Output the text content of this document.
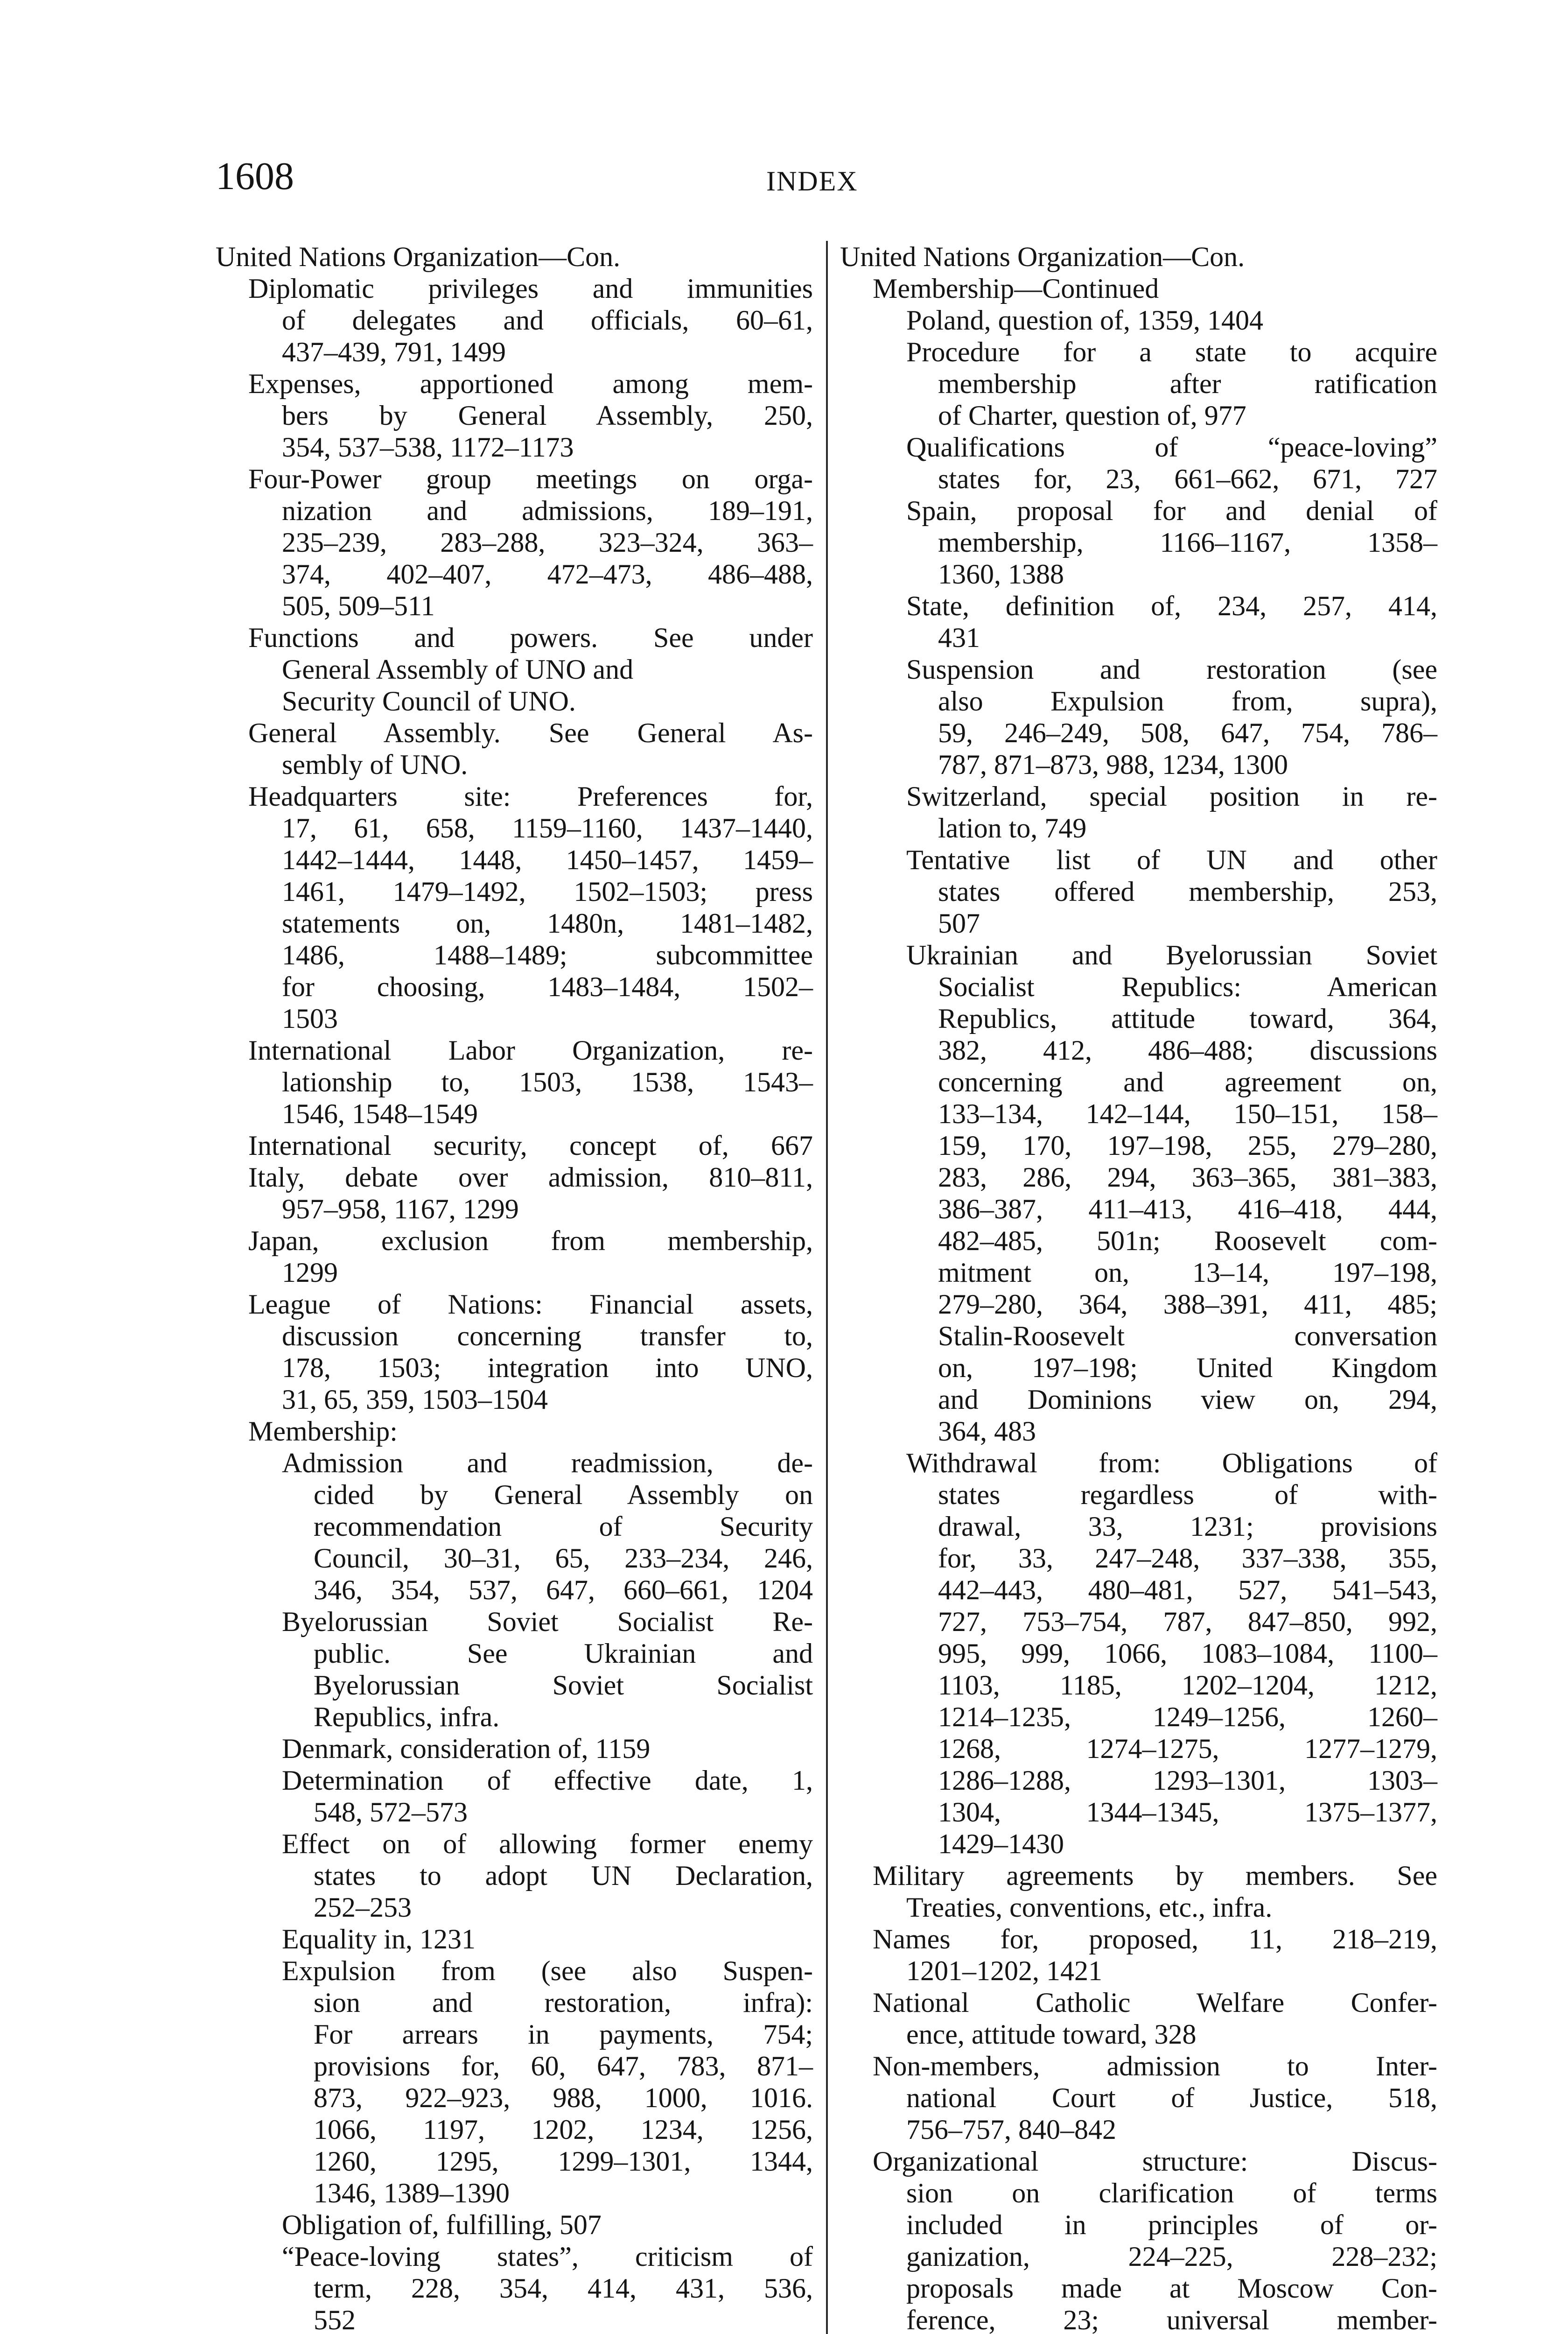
1608	INDEX
United Nations Organization—Con.
Diplomatic privileges and immunities
of delegates and officials, 60–61,
437–439, 791, 1499
Expenses, apportioned among mem-
bers by General Assembly, 250,
354, 537–538, 1172–1173
Four-Power group meetings on orga-
nization and admissions, 189–191,
235–239, 283–288, 323–324, 363–
374, 402–407, 472–473, 486–488,
505, 509–511
Functions and powers. See under
General Assembly of UNO and
Security Council of UNO.
General Assembly. See General As-
sembly of UNO.
Headquarters site: Preferences for,
17, 61, 658, 1159–1160, 1437–1440,
1442–1444, 1448, 1450–1457, 1459–
1461, 1479–1492, 1502–1503; press
statements on, 1480n, 1481–1482,
1486, 1488–1489; subcommittee
for choosing, 1483–1484, 1502–
1503
International Labor Organization, re-
lationship to, 1503, 1538, 1543–
1546, 1548–1549
International security, concept of, 667
Italy, debate over admission, 810–811,
957–958, 1167, 1299
Japan, exclusion from membership,
1299
League of Nations: Financial assets,
discussion concerning transfer to,
178, 1503; integration into UNO,
31, 65, 359, 1503–1504
Membership:
Admission and readmission, de-
cided by General Assembly on
recommendation of Security
Council, 30–31, 65, 233–234, 246,
346, 354, 537, 647, 660–661, 1204
Byelorussian Soviet Socialist Re-
public. See Ukrainian and
Byelorussian Soviet Socialist
Republics, infra.
Denmark, consideration of, 1159
Determination of effective date, 1,
548, 572–573
Effect on of allowing former enemy
states to adopt UN Declaration,
252–253
Equality in, 1231
Expulsion from (see also Suspen-
sion and restoration, infra):
For arrears in payments, 754;
provisions for, 60, 647, 783, 871–
873, 922–923, 988, 1000, 1016.
1066, 1197, 1202, 1234, 1256,
1260, 1295, 1299–1301, 1344,
1346, 1389–1390
Obligation of, fulfilling, 507
“Peace-loving states”, criticism of
term, 228, 354, 414, 431, 536,
552
United Nations Organization—Con.
Membership—Continued
Poland, question of, 1359, 1404
Procedure for a state to acquire
membership after ratification
of Charter, question of, 977
Qualifications of “peace-loving”
states for, 23, 661–662, 671, 727
Spain, proposal for and denial of
membership, 1166–1167, 1358–
1360, 1388
State, definition of, 234, 257, 414,
431
Suspension and restoration (see
also Expulsion from, supra),
59, 246–249, 508, 647, 754, 786–
787, 871–873, 988, 1234, 1300
Switzerland, special position in re-
lation to, 749
Tentative list of UN and other
states offered membership, 253,
507
Ukrainian and Byelorussian Soviet
Socialist Republics: American
Republics, attitude toward, 364,
382, 412, 486–488; discussions
concerning and agreement on,
133–134, 142–144, 150–151, 158–
159, 170, 197–198, 255, 279–280,
283, 286, 294, 363–365, 381–383,
386–387, 411–413, 416–418, 444,
482–485, 501n; Roosevelt com-
mitment on, 13–14, 197–198,
279–280, 364, 388–391, 411, 485;
Stalin-Roosevelt conversation
on, 197–198; United Kingdom
and Dominions view on, 294,
364, 483
Withdrawal from: Obligations of
states regardless of with-
drawal, 33, 1231; provisions
for, 33, 247–248, 337–338, 355,
442–443, 480–481, 527, 541–543,
727, 753–754, 787, 847–850, 992,
995, 999, 1066, 1083–1084, 1100–
1103, 1185, 1202–1204, 1212,
1214–1235, 1249–1256, 1260–
1268, 1274–1275, 1277–1279,
1286–1288, 1293–1301, 1303–
1304, 1344–1345, 1375–1377,
1429–1430
Military agreements by members. See
Treaties, conventions, etc., infra.
Names for, proposed, 11, 218–219,
1201–1202, 1421
National Catholic Welfare Confer-
ence, attitude toward, 328
Non-members, admission to Inter-
national Court of Justice, 518,
756–757, 840–842
Organizational structure: Discus-
sion on clarification of terms
included in principles of or-
ganization, 224–225, 228–232;
proposals made at Moscow Con-
ference, 23; universal member-
